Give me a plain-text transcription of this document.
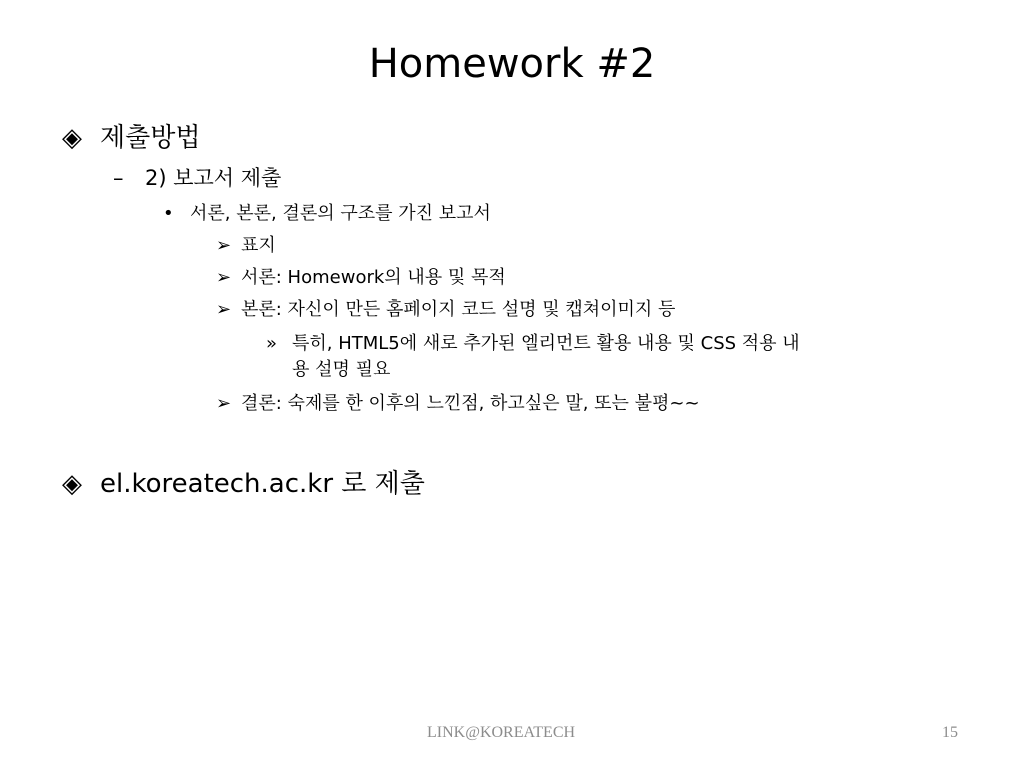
Homework #2
◈ 제출방법
– 2) 보고서 제출
• 서론, 본론, 결론의 구조를 가진 보고서
➢ 표지
➢ 서론: Homework의 내용 및 목적
➢ 본론: 자신이 만든 홈페이지 코드 설명 및 캡쳐이미지 등
» 특히, HTML5에 새로 추가된 엘리먼트 활용 내용 및 CSS 적용 내
용 설명 필요
➢ 결론: 숙제를 한 이후의 느낀점, 하고싶은 말, 또는 불평~~
◈ el.koreatech.ac.kr 로 제출
LINK@KOREATECH	15
